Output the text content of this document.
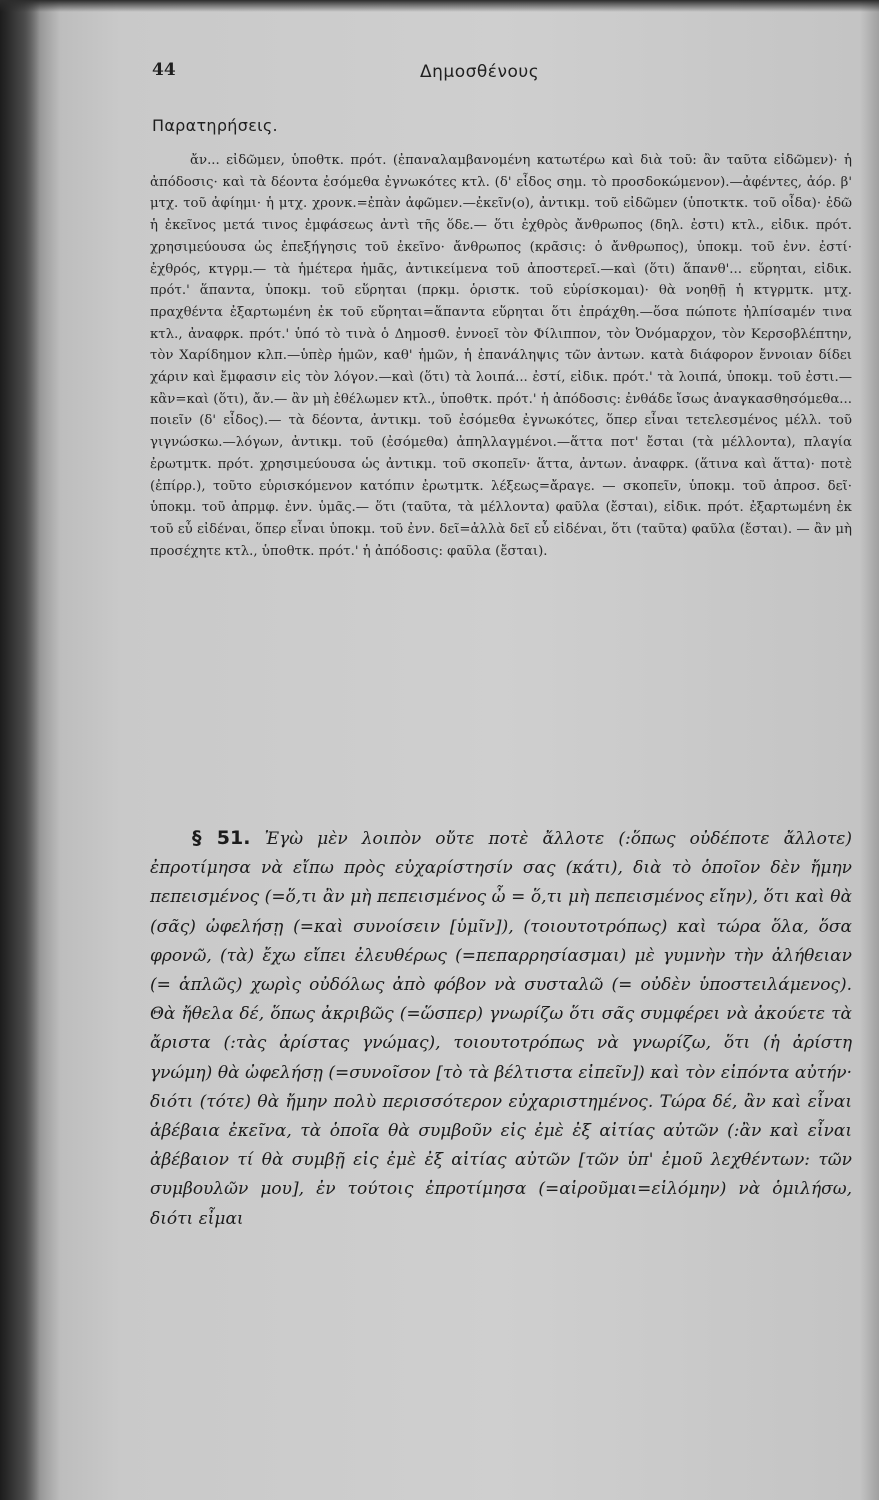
44	Δημοσθένους
Παρατηρήσεις.

ἄν... εἰδῶμεν, ὑποθτκ. πρότ. (ἐπαναλαμβανομένη κατωτέρω καὶ διὰ τοῦ: ἂν ταῦτα εἰδῶμεν)· ἡ ἀπόδοσις· καὶ τὰ δέοντα ἐσόμεθα ἐγνωκότες κτλ. (δ' εἶδος σημ. τὸ προσδοκώμενον).—ἀφέντες, ἀόρ. β' μτχ. τοῦ ἀφίημι· ἡ μτχ. χρονκ.=ἐπὰν ἀφῶμεν.—ἐκεῖν(ο), ἀντικμ. τοῦ εἰδῶμεν (ὑποτκτκ. τοῦ οἶδα)· ἐδῶ ἡ ἐκεῖνος μετά τινος ἐμφάσεως ἀντὶ τῆς ὅδε.— ὅτι ἐχθρὸς ἄνθρωπος (δηλ. ἐστι) κτλ., εἰδικ. πρότ. χρησιμεύουσα ὡς ἐπεξήγησις τοῦ ἐκεῖνο· ἄνθρωπος (κρᾶσις: ὁ ἄνθρωπος), ὑποκμ. τοῦ ἐνν. ἐστί· ἐχθρός, κτγρμ.— τὰ ἡμέτερα ἡμᾶς, ἀντικείμενα τοῦ ἀποστερεῖ.—καὶ (ὅτι) ἅπανθ'... εὕρηται, εἰδικ. πρότ.' ἅπαντα, ὑποκμ. τοῦ εὕρηται (πρκμ. ὁριστκ. τοῦ εὑρίσκομαι)· θὰ νοηθῇ ἡ κτγρμτκ. μτχ. πραχθέντα ἐξαρτωμένη ἐκ τοῦ εὕρηται=ἅπαντα εὕρηται ὅτι ἐπράχθη.—ὅσα πώποτε ἠλπίσαμέν τινα κτλ., ἀναφρκ. πρότ.' ὑπό τὸ τινὰ ὁ Δημοσθ. ἐννοεῖ τὸν Φίλιππον, τὸν Ὀνόμαρχον, τὸν Κερσοβλέπτην, τὸν Χαρίδημον κλπ.—ὑπὲρ ἡμῶν, καθ' ἡμῶν, ἡ ἐπανάληψις τῶν ἀντων. κατὰ διάφορον ἔννοιαν δίδει χάριν καὶ ἔμφασιν εἰς τὸν λόγον.—καὶ (ὅτι) τὰ λοιπά... ἐστί, εἰδικ. πρότ.' τὰ λοιπά, ὑποκμ. τοῦ ἐστι.—κἂν=καὶ (ὅτι), ἄν.— ἂν μὴ ἐθέλωμεν κτλ., ὑποθτκ. πρότ.' ἡ ἀπόδοσις: ἐνθάδε ἴσως ἀναγκασθησόμεθα... ποιεῖν (δ' εἶδος).— τὰ δέοντα, ἀντικμ. τοῦ ἐσόμεθα ἐγνωκότες, ὅπερ εἶναι τετελεσμένος μέλλ. τοῦ γιγνώσκω.—λόγων, ἀντικμ. τοῦ (ἐσόμεθα) ἀπηλλαγμένοι.—ἅττα ποτ' ἔσται (τὰ μέλλοντα), πλαγία ἐρωτμτκ. πρότ. χρησιμεύουσα ὡς ἀντικμ. τοῦ σκοπεῖν· ἅττα, ἀντων. ἀναφρκ. (ἅτινα καὶ ἅττα)· ποτὲ (ἐπίρρ.), τοῦτο εὑρισκόμενον κατόπιν ἐρωτμτκ. λέξεως=ἄραγε. — σκοπεῖν, ὑποκμ. τοῦ ἀπροσ. δεῖ· ὑποκμ. τοῦ ἀπρμφ. ἐνν. ὑμᾶς.— ὅτι (ταῦτα, τὰ μέλλοντα) φαῦλα (ἔσται), εἰδικ. πρότ. ἐξαρτωμένη ἐκ τοῦ εὖ εἰδέναι, ὅπερ εἶναι ὑποκμ. τοῦ ἐνν. δεῖ=ἀλλὰ δεῖ εὖ εἰδέναι, ὅτι (ταῦτα) φαῦλα (ἔσται). — ἂν μὴ προσέχητε κτλ., ὑποθτκ. πρότ.' ἡ ἀπόδοσις: φαῦλα (ἔσται).

§ 51. Ἐγὼ μὲν λοιπὸν οὔτε ποτὲ ἄλλοτε (:ὅπως οὐδέποτε ἄλλοτε) ἐπροτίμησα νὰ εἴπω πρὸς εὐχαρίστησίν σας (κάτι), διὰ τὸ ὁποῖον δὲν ἤμην πεπεισμένος (=ὅ,τι ἂν μὴ πεπεισμένος ὦ = ὅ,τι μὴ πεπεισμένος εἴην), ὅτι καὶ θὰ (σᾶς) ὠφελήσῃ (=καὶ συνοίσειν [ὑμῖν]), (τοιουτοτρόπως) καὶ τώρα ὅλα, ὅσα φρονῶ, (τὰ) ἔχω εἴπει ἐλευθέρως (=πεπαρρησίασμαι) μὲ γυμνὴν τὴν ἀλήθειαν (= ἁπλῶς) χωρὶς οὐδόλως ἀπὸ φόβον νὰ συσταλῶ (= οὐδὲν ὑποστειλάμενος). Θὰ ἤθελα δέ, ὅπως ἀκριβῶς (=ὥσπερ) γνωρίζω ὅτι σᾶς συμφέρει νὰ ἀκούετε τὰ ἄριστα (:τὰς ἀρίστας γνώμας), τοιουτοτρόπως νὰ γνωρίζω, ὅτι (ἡ ἀρίστη γνώμη) θὰ ὠφελήσῃ (=συνοῖσον [τὸ τὰ βέλτιστα εἰπεῖν]) καὶ τὸν εἰπόντα αὐτήν· διότι (τότε) θὰ ἤμην πολὺ περισσότερον εὐχαριστημένος. Τώρα δέ, ἂν καὶ εἶναι ἀβέβαια ἐκεῖνα, τὰ ὁποῖα θὰ συμβοῦν εἰς ἐμὲ ἐξ αἰτίας αὐτῶν (:ἂν καὶ εἶναι ἀβέβαιον τί θὰ συμβῇ εἰς ἐμὲ ἐξ αἰτίας αὐτῶν [τῶν ὑπ' ἐμοῦ λεχθέντων: τῶν συμβουλῶν μου], ἐν τούτοις ἐπροτίμησα (=αἱροῦμαι=εἱλόμην) νὰ ὁμιλήσω, διότι εἶμαι
